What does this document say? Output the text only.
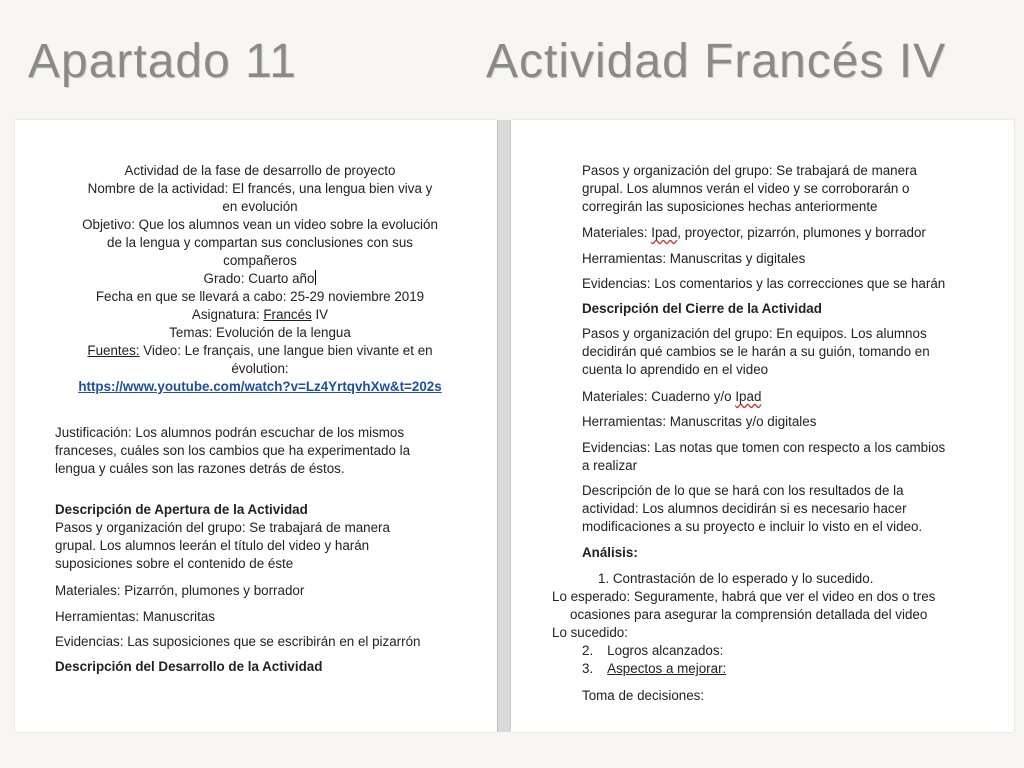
Apartado 11	Actividad Francés IV

Actividad de la fase de desarrollo de proyecto

Nombre de la actividad: El francés, una lengua bien viva y

en evolución

Objetivo: Que los alumnos vean un video sobre la evolución

de la lengua y compartan sus conclusiones con sus

compañeros

Grado: Cuarto año

Fecha en que se llevará a cabo: 25-29 noviembre 2019

Asignatura: Francés IV

Temas: Evolución de la lengua

Fuentes: Video: Le français, une langue bien vivante et en

évolution:

https://www.youtube.com/watch?v=Lz4YrtqvhXw&t=202s

Justificación: Los alumnos podrán escuchar de los mismos

franceses, cuáles son los cambios que ha experimentado la

lengua y cuáles son las razones detrás de éstos.

Descripción de Apertura de la Actividad

Pasos y organización del grupo: Se trabajará de manera

grupal. Los alumnos leerán el título del video y harán

suposiciones sobre el contenido de éste

Materiales: Pizarrón, plumones y borrador

Herramientas: Manuscritas

Evidencias: Las suposiciones que se escribirán en el pizarrón

Descripción del Desarrollo de la Actividad

Pasos y organización del grupo: Se trabajará de manera

grupal. Los alumnos verán el video y se corroborarán o

corregirán las suposiciones hechas anteriormente

Materiales: Ipad, proyector, pizarrón, plumones y borrador

Herramientas: Manuscritas y digitales

Evidencias: Los comentarios y las correcciones que se harán

Descripción del Cierre de la Actividad

Pasos y organización del grupo: En equipos. Los alumnos

decidirán qué cambios se le harán a su guión, tomando en

cuenta lo aprendido en el video

Materiales: Cuaderno y/o Ipad

Herramientas: Manuscritas y/o digitales

Evidencias: Las notas que tomen con respecto a los cambios

a realizar

Descripción de lo que se hará con los resultados de la

actividad: Los alumnos decidirán si es necesario hacer

modificaciones a su proyecto e incluir lo visto en el video.

Análisis:

1. Contrastación de lo esperado y lo sucedido.

Lo esperado: Seguramente, habrá que ver el video en dos o tres

ocasiones para asegurar la comprensión detallada del video

Lo sucedido:

2. Logros alcanzados:

3. Aspectos a mejorar:

Toma de decisiones:
